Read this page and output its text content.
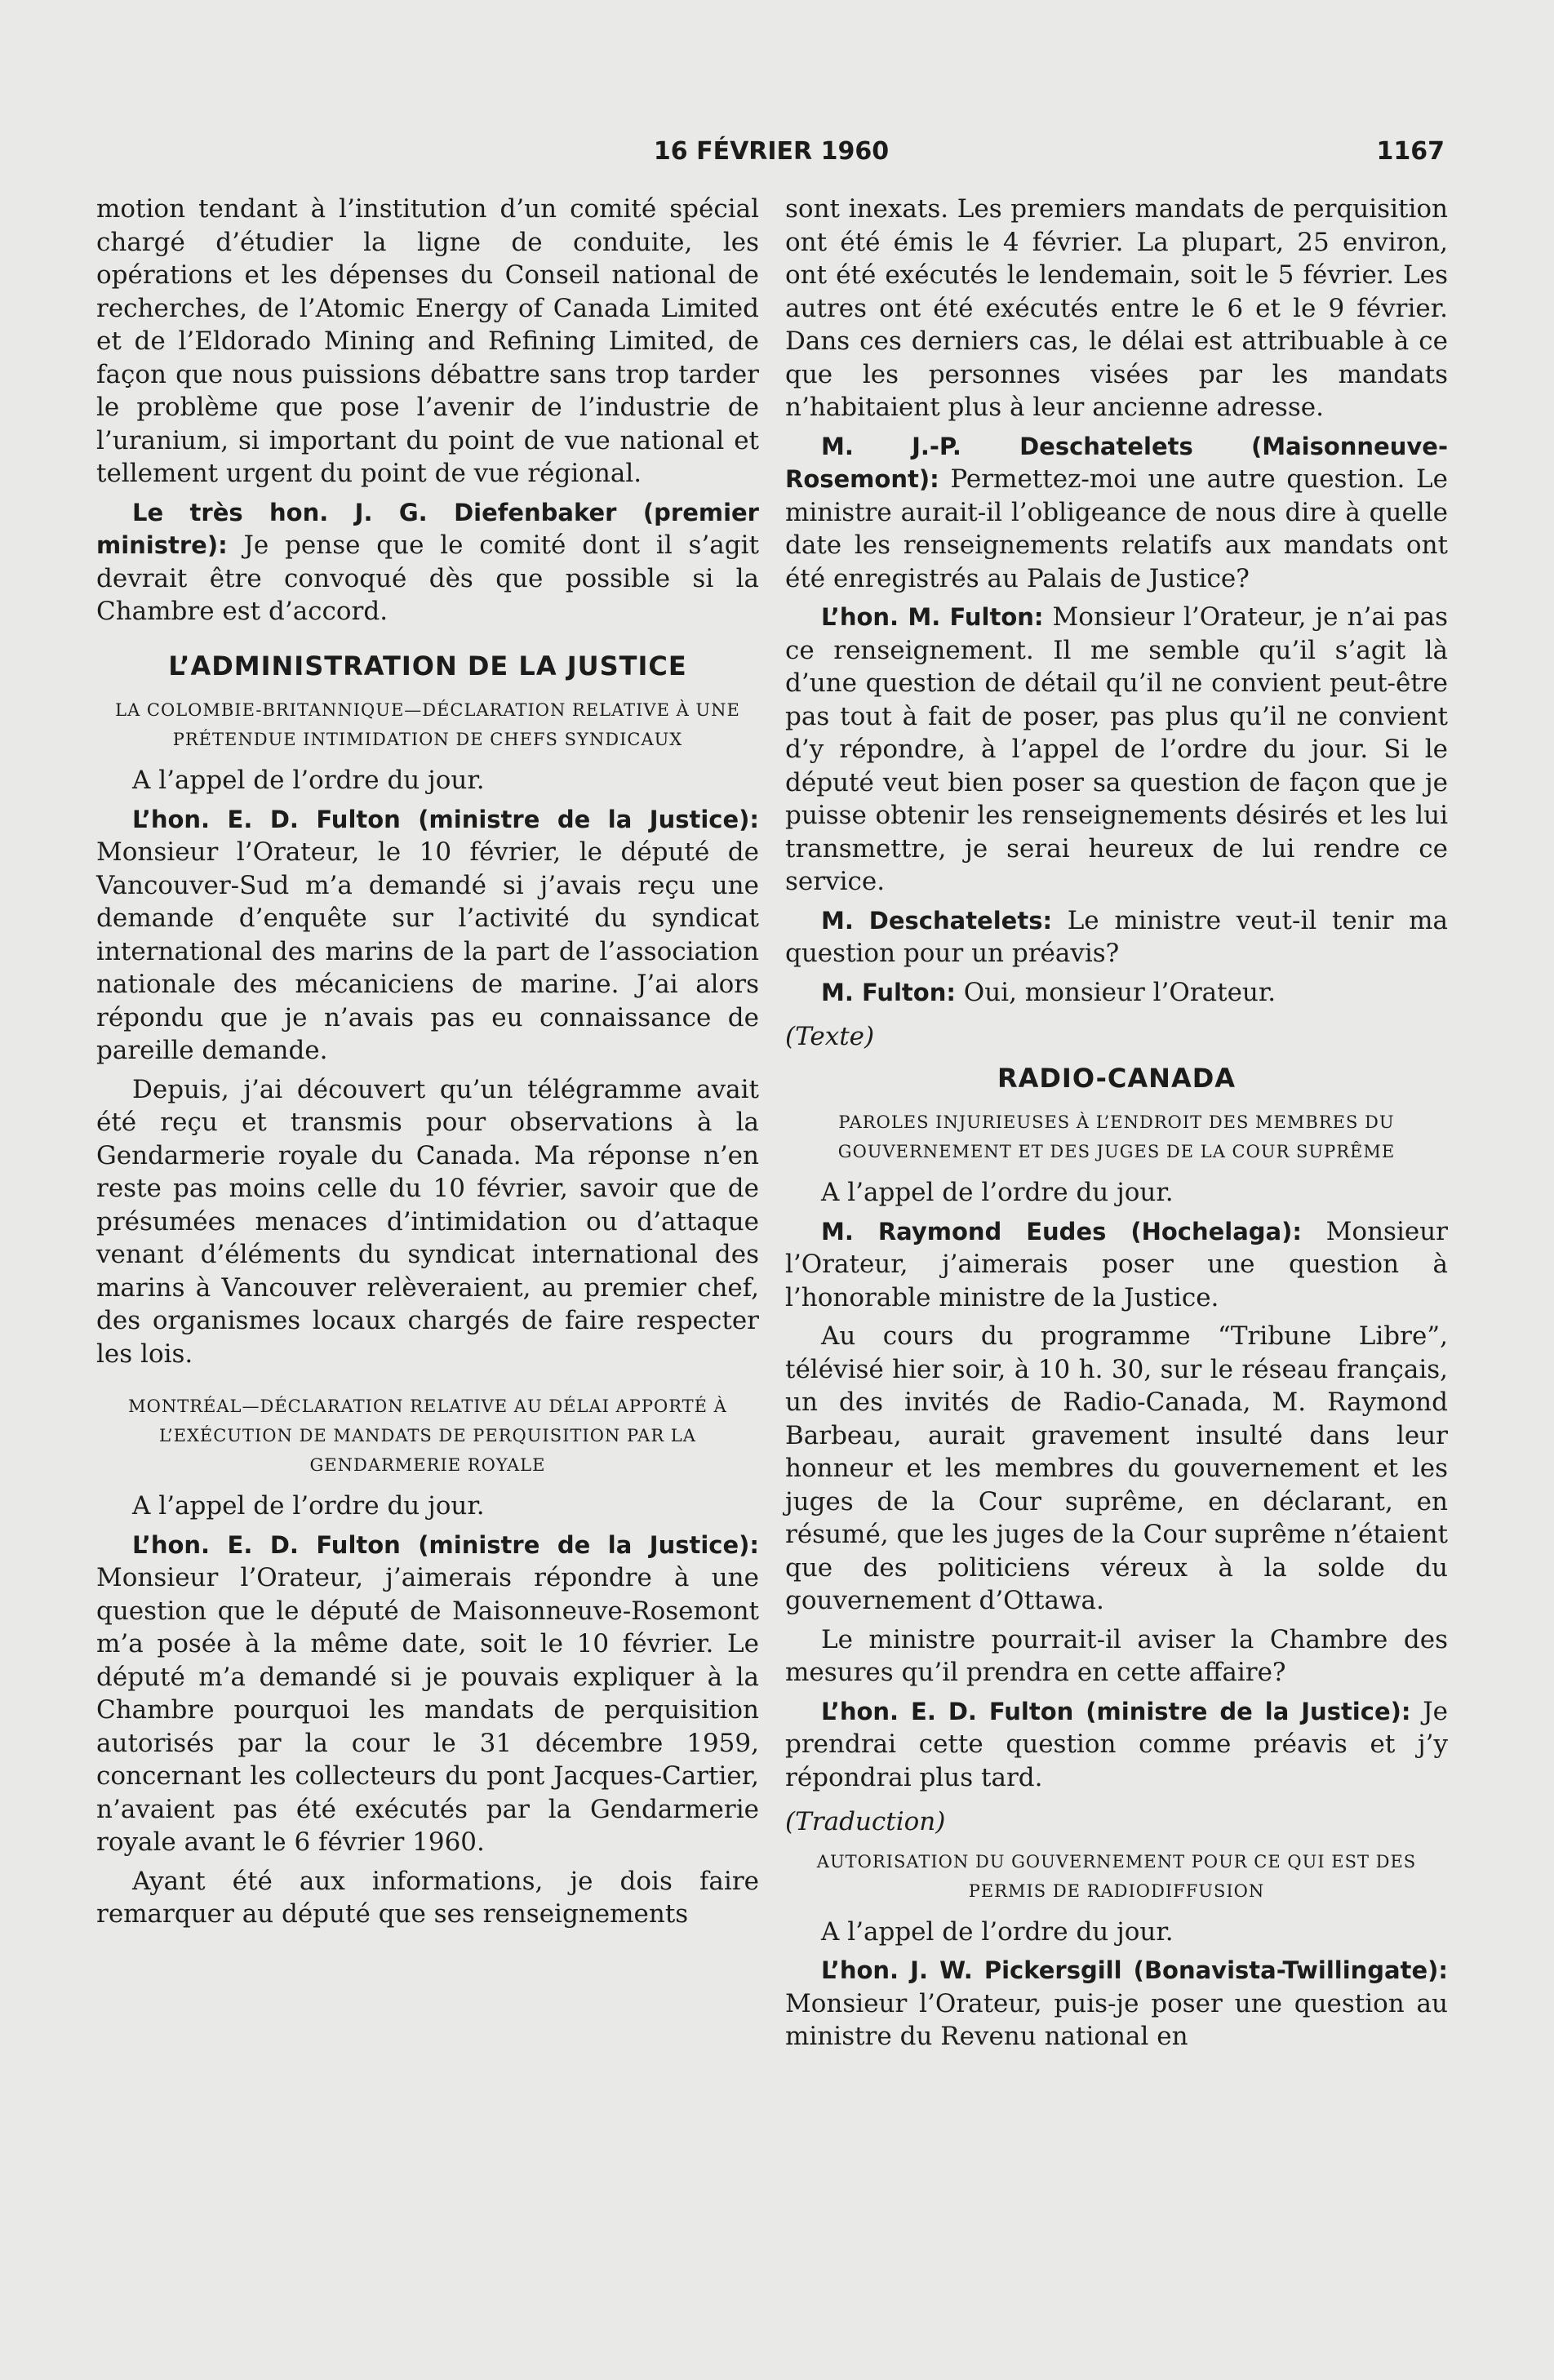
16 FÉVRIER 1960	1167

motion tendant à l’institution d’un comité spécial chargé d’étudier la ligne de conduite, les opérations et les dépenses du Conseil national de recherches, de l’Atomic Energy of Canada Limited et de l’Eldorado Mining and Refining Limited, de façon que nous puissions débattre sans trop tarder le problème que pose l’avenir de l’industrie de l’uranium, si important du point de vue national et tellement urgent du point de vue régional.

Le très hon. J. G. Diefenbaker (premier ministre): Je pense que le comité dont il s’agit devrait être convoqué dès que possible si la Chambre est d’accord.

L’ADMINISTRATION DE LA JUSTICE
LA COLOMBIE-BRITANNIQUE—DÉCLARATION RELATIVE À UNE PRÉTENDUE INTIMIDATION DE CHEFS SYNDICAUX

A l’appel de l’ordre du jour.

L’hon. E. D. Fulton (ministre de la Justice): Monsieur l’Orateur, le 10 février, le député de Vancouver-Sud m’a demandé si j’avais reçu une demande d’enquête sur l’activité du syndicat international des marins de la part de l’association nationale des mécaniciens de marine. J’ai alors répondu que je n’avais pas eu connaissance de pareille demande.

Depuis, j’ai découvert qu’un télégramme avait été reçu et transmis pour observations à la Gendarmerie royale du Canada. Ma réponse n’en reste pas moins celle du 10 février, savoir que de présumées menaces d’intimidation ou d’attaque venant d’éléments du syndicat international des marins à Vancouver relèveraient, au premier chef, des organismes locaux chargés de faire respecter les lois.

MONTRÉAL—DÉCLARATION RELATIVE AU DÉLAI APPORTÉ À L’EXÉCUTION DE MANDATS DE PERQUISITION PAR LA GENDARMERIE ROYALE

A l’appel de l’ordre du jour.

L’hon. E. D. Fulton (ministre de la Justice): Monsieur l’Orateur, j’aimerais répondre à une question que le député de Maisonneuve-Rosemont m’a posée à la même date, soit le 10 février. Le député m’a demandé si je pouvais expliquer à la Chambre pourquoi les mandats de perquisition autorisés par la cour le 31 décembre 1959, concernant les collecteurs du pont Jacques-Cartier, n’avaient pas été exécutés par la Gendarmerie royale avant le 6 février 1960.

Ayant été aux informations, je dois faire remarquer au député que ses renseignements

sont inexats. Les premiers mandats de perquisition ont été émis le 4 février. La plupart, 25 environ, ont été exécutés le lendemain, soit le 5 février. Les autres ont été exécutés entre le 6 et le 9 février. Dans ces derniers cas, le délai est attribuable à ce que les personnes visées par les mandats n’habitaient plus à leur ancienne adresse.

M. J.-P. Deschatelets (Maisonneuve-Rosemont): Permettez-moi une autre question. Le ministre aurait-il l’obligeance de nous dire à quelle date les renseignements relatifs aux mandats ont été enregistrés au Palais de Justice?

L’hon. M. Fulton: Monsieur l’Orateur, je n’ai pas ce renseignement. Il me semble qu’il s’agit là d’une question de détail qu’il ne convient peut-être pas tout à fait de poser, pas plus qu’il ne convient d’y répondre, à l’appel de l’ordre du jour. Si le député veut bien poser sa question de façon que je puisse obtenir les renseignements désirés et les lui transmettre, je serai heureux de lui rendre ce service.

M. Deschatelets: Le ministre veut-il tenir ma question pour un préavis?

M. Fulton: Oui, monsieur l’Orateur.

(Texte)
RADIO-CANADA
PAROLES INJURIEUSES À L’ENDROIT DES MEMBRES DU GOUVERNEMENT ET DES JUGES DE LA COUR SUPRÊME

A l’appel de l’ordre du jour.

M. Raymond Eudes (Hochelaga): Monsieur l’Orateur, j’aimerais poser une question à l’honorable ministre de la Justice.

Au cours du programme “Tribune Libre”, télévisé hier soir, à 10 h. 30, sur le réseau français, un des invités de Radio-Canada, M. Raymond Barbeau, aurait gravement insulté dans leur honneur et les membres du gouvernement et les juges de la Cour suprême, en déclarant, en résumé, que les juges de la Cour suprême n’étaient que des politiciens véreux à la solde du gouvernement d’Ottawa.

Le ministre pourrait-il aviser la Chambre des mesures qu’il prendra en cette affaire?

L’hon. E. D. Fulton (ministre de la Justice): Je prendrai cette question comme préavis et j’y répondrai plus tard.

(Traduction)
AUTORISATION DU GOUVERNEMENT POUR CE QUI EST DES PERMIS DE RADIODIFFUSION

A l’appel de l’ordre du jour.

L’hon. J. W. Pickersgill (Bonavista-Twillingate): Monsieur l’Orateur, puis-je poser une question au ministre du Revenu national en
